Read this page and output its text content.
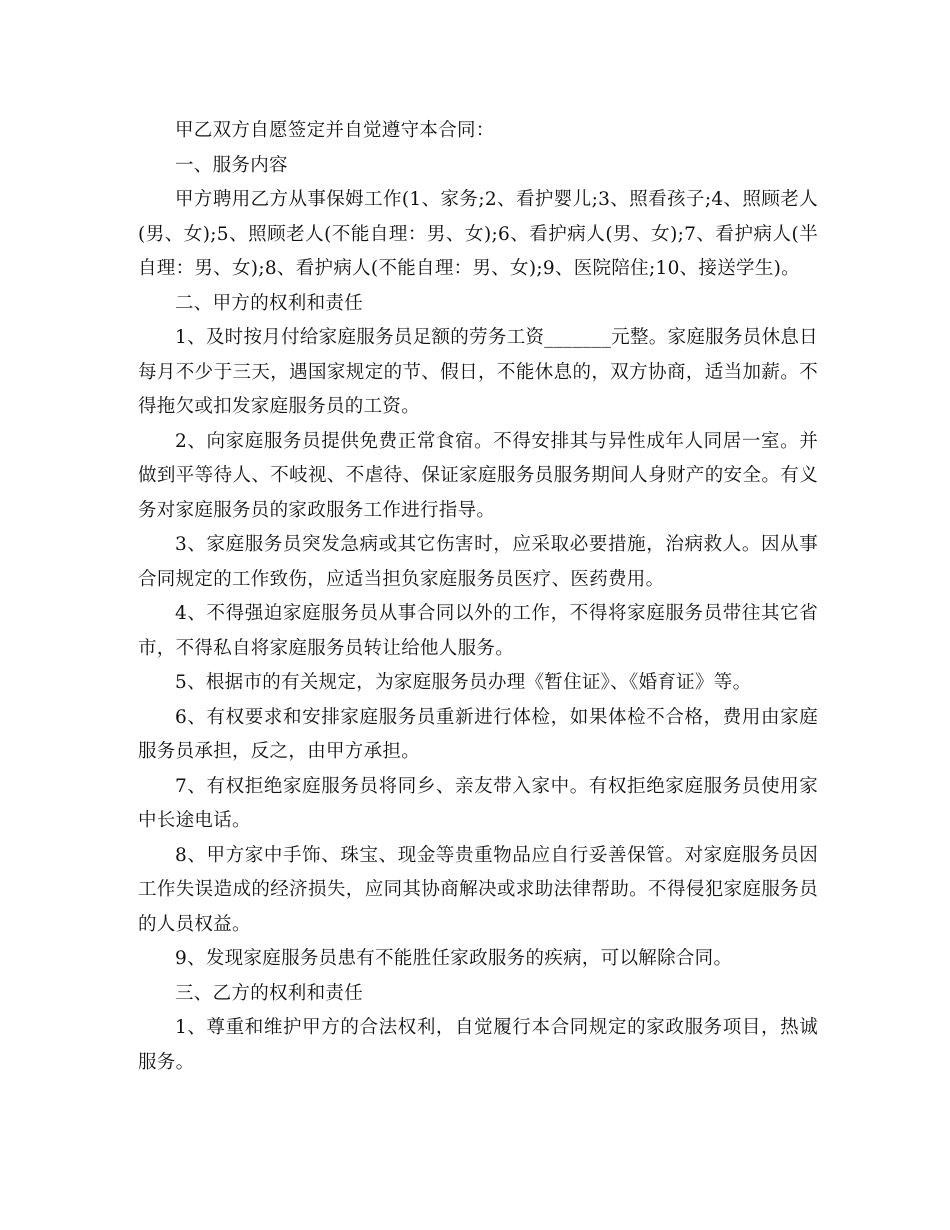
甲乙双方自愿签定并自觉遵守本合同：

一、服务内容

甲方聘用乙方从事保姆工作(1、家务;2、看护婴儿;3、照看孩子;4、照顾老人(男、女);5、照顾老人(不能自理：男、女);6、看护病人(男、女);7、看护病人(半自理：男、女);8、看护病人(不能自理：男、女);9、医院陪住;10、接送学生)。

二、甲方的权利和责任

1、及时按月付给家庭服务员足额的劳务工资_______元整。家庭服务员休息日每月不少于三天，遇国家规定的节、假日，不能休息的，双方协商，适当加薪。不得拖欠或扣发家庭服务员的工资。

2、向家庭服务员提供免费正常食宿。不得安排其与异性成年人同居一室。并做到平等待人、不岐视、不虐待、保证家庭服务员服务期间人身财产的安全。有义务对家庭服务员的家政服务工作进行指导。

3、家庭服务员突发急病或其它伤害时，应采取必要措施，治病救人。因从事合同规定的工作致伤，应适当担负家庭服务员医疗、医药费用。

4、不得强迫家庭服务员从事合同以外的工作，不得将家庭服务员带往其它省市，不得私自将家庭服务员转让给他人服务。

5、根据市的有关规定，为家庭服务员办理《暂住证》、《婚育证》等。

6、有权要求和安排家庭服务员重新进行体检，如果体检不合格，费用由家庭服务员承担，反之，由甲方承担。

7、有权拒绝家庭服务员将同乡、亲友带入家中。有权拒绝家庭服务员使用家中长途电话。

8、甲方家中手饰、珠宝、现金等贵重物品应自行妥善保管。对家庭服务员因工作失误造成的经济损失，应同其协商解决或求助法律帮助。不得侵犯家庭服务员的人员权益。

9、发现家庭服务员患有不能胜任家政服务的疾病，可以解除合同。

三、乙方的权利和责任

1、尊重和维护甲方的合法权利，自觉履行本合同规定的家政服务项目，热诚服务。
